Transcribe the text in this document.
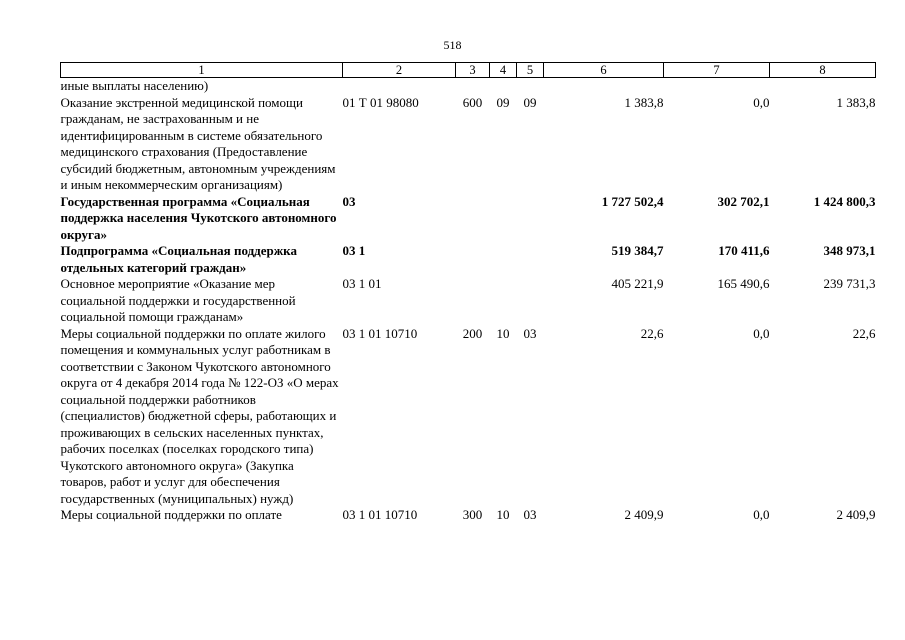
518
1	2	3	4	5	6	7	8
иные выплаты населению)							
Оказание экстренной медицинской помощи гражданам, не застрахованным и не идентифицированным в системе обязательного медицинского страхования (Предоставление субсидий бюджетным, автономным учреждениям и иным некоммерческим организациям)	01 Т 01 98080	600	09	09	1 383,8	0,0	1 383,8
Государственная программа «Социальная поддержка населения Чукотского автономного округа»	03				1 727 502,4	302 702,1	1 424 800,3
Подпрограмма «Социальная поддержка отдельных категорий граждан»	03 1				519 384,7	170 411,6	348 973,1
Основное мероприятие «Оказание мер социальной поддержки и государственной социальной помощи гражданам»	03 1 01				405 221,9	165 490,6	239 731,3
Меры социальной поддержки по оплате жилого помещения и коммунальных услуг работникам в соответствии с Законом Чукотского автономного округа от 4 декабря 2014 года № 122-ОЗ «О мерах социальной поддержки работников (специалистов) бюджетной сферы, работающих и проживающих в сельских населенных пунктах, рабочих поселках (поселках городского типа) Чукотского автономного округа» (Закупка товаров, работ и услуг для обеспечения государственных (муниципальных) нужд)	03 1 01 10710	200	10	03	22,6	0,0	22,6
Меры социальной поддержки по оплате	03 1 01 10710	300	10	03	2 409,9	0,0	2 409,9
